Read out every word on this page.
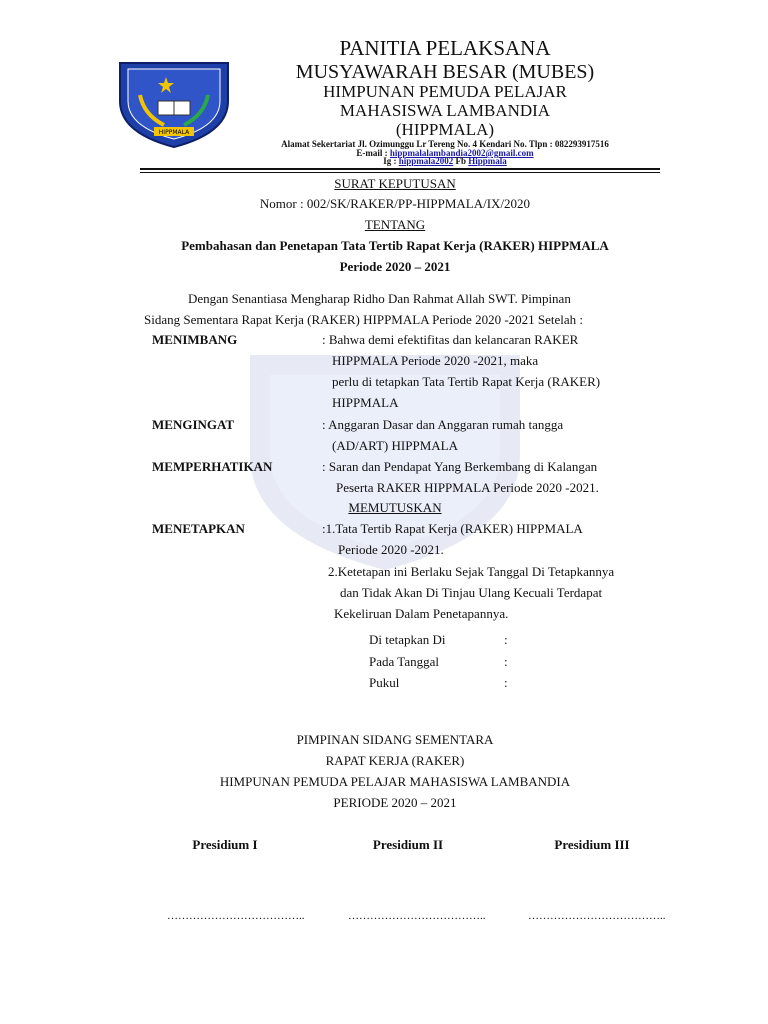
HIPPMALA
PANITIA PELAKSANA
MUSYAWARAH BESAR (MUBES)
HIMPUNAN PEMUDA PELAJAR
MAHASISWA LAMBANDIA
(HIPPMALA)
Alamat Sekertariat Jl. Ozimunggu Lr Tereng No. 4 Kendari No. Tlpn : 082293917516
E-mail : hippmalalambandia2002@gmail.com
Ig : hippmala2002 Fb Hippmala
SURAT KEPUTUSAN
Nomor : 002/SK/RAKER/PP-HIPPMALA/IX/2020
TENTANG
Pembahasan dan Penetapan Tata Tertib Rapat Kerja (RAKER) HIPPMALA
Periode 2020 – 2021
Dengan Senantiasa Mengharap Ridho Dan Rahmat Allah SWT. Pimpinan
Sidang Sementara Rapat Kerja (RAKER) HIPPMALA Periode 2020 -2021 Setelah :
MENIMBANG	: Bahwa demi efektifitas dan kelancaran RAKER
HIPPMALA Periode 2020 -2021, maka
perlu di tetapkan Tata Tertib Rapat Kerja (RAKER)
HIPPMALA
MENGINGAT	: Anggaran Dasar dan Anggaran rumah tangga
(AD/ART) HIPPMALA
MEMPERHATIKAN	: Saran dan Pendapat Yang Berkembang di Kalangan
Peserta RAKER HIPPMALA Periode 2020 -2021.
MEMUTUSKAN
MENETAPKAN	:1.Tata Tertib Rapat Kerja (RAKER) HIPPMALA
Periode 2020 -2021.
2.Ketetapan ini Berlaku Sejak Tanggal Di Tetapkannya
dan Tidak Akan Di Tinjau Ulang Kecuali Terdapat
Kekeliruan Dalam Penetapannya.
Di tetapkan Di	:
Pada Tanggal	:
Pukul	:
PIMPINAN SIDANG SEMENTARA
RAPAT KERJA (RAKER)
HIMPUNAN PEMUDA PELAJAR MAHASISWA LAMBANDIA
PERIODE 2020 – 2021
Presidium I	Presidium II	Presidium III
………………………………..	………………………………..	………………………………..
